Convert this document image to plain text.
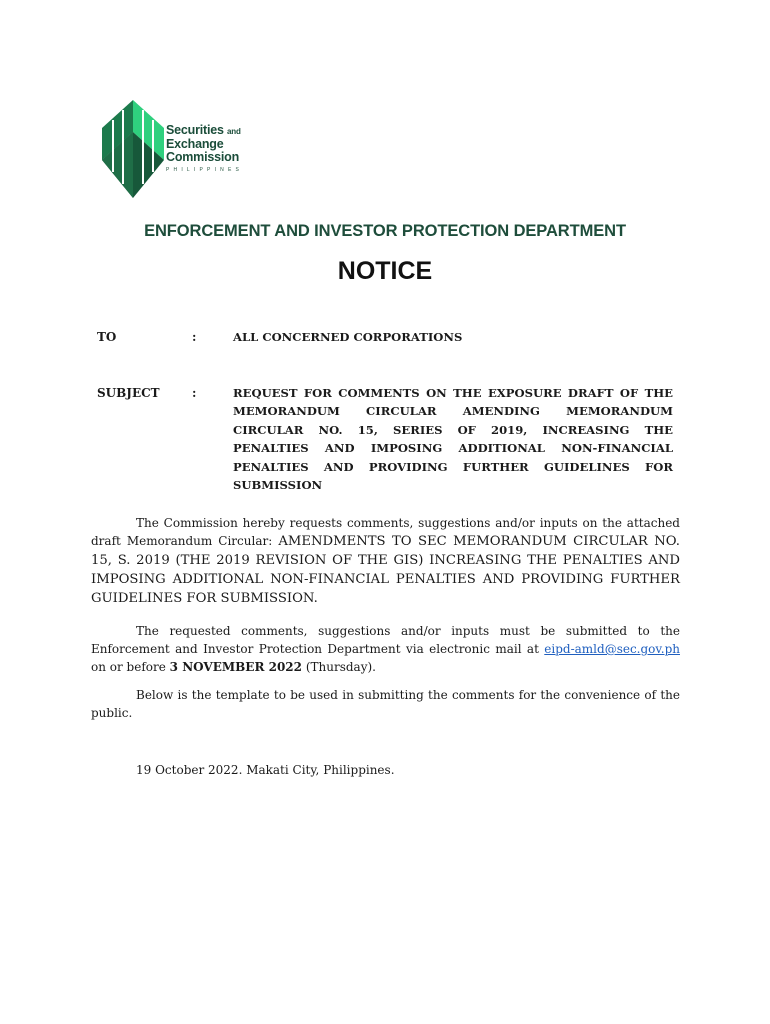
Securities and
Exchange
Commission
PHILIPPINES
ENFORCEMENT AND INVESTOR PROTECTION DEPARTMENT
NOTICE
TO	:	ALL CONCERNED CORPORATIONS
SUBJECT	:	REQUEST FOR COMMENTS ON THE EXPOSURE DRAFT OF THE MEMORANDUM CIRCULAR AMENDING MEMORANDUM CIRCULAR NO. 15, SERIES OF 2019, INCREASING THE PENALTIES AND IMPOSING ADDITIONAL NON-FINANCIAL PENALTIES AND PROVIDING FURTHER GUIDELINES FOR SUBMISSION
The Commission hereby requests comments, suggestions and/or inputs on the attached draft Memorandum Circular: AMENDMENTS TO SEC MEMORANDUM CIRCULAR NO. 15, S. 2019 (THE 2019 REVISION OF THE GIS) INCREASING THE PENALTIES AND IMPOSING ADDITIONAL NON-FINANCIAL PENALTIES AND PROVIDING FURTHER GUIDELINES FOR SUBMISSION.
The requested comments, suggestions and/or inputs must be submitted to the Enforcement and Investor Protection Department via electronic mail at eipd-amld@sec.gov.ph on or before 3 NOVEMBER 2022 (Thursday).
Below is the template to be used in submitting the comments for the convenience of the public.
19 October 2022. Makati City, Philippines.
